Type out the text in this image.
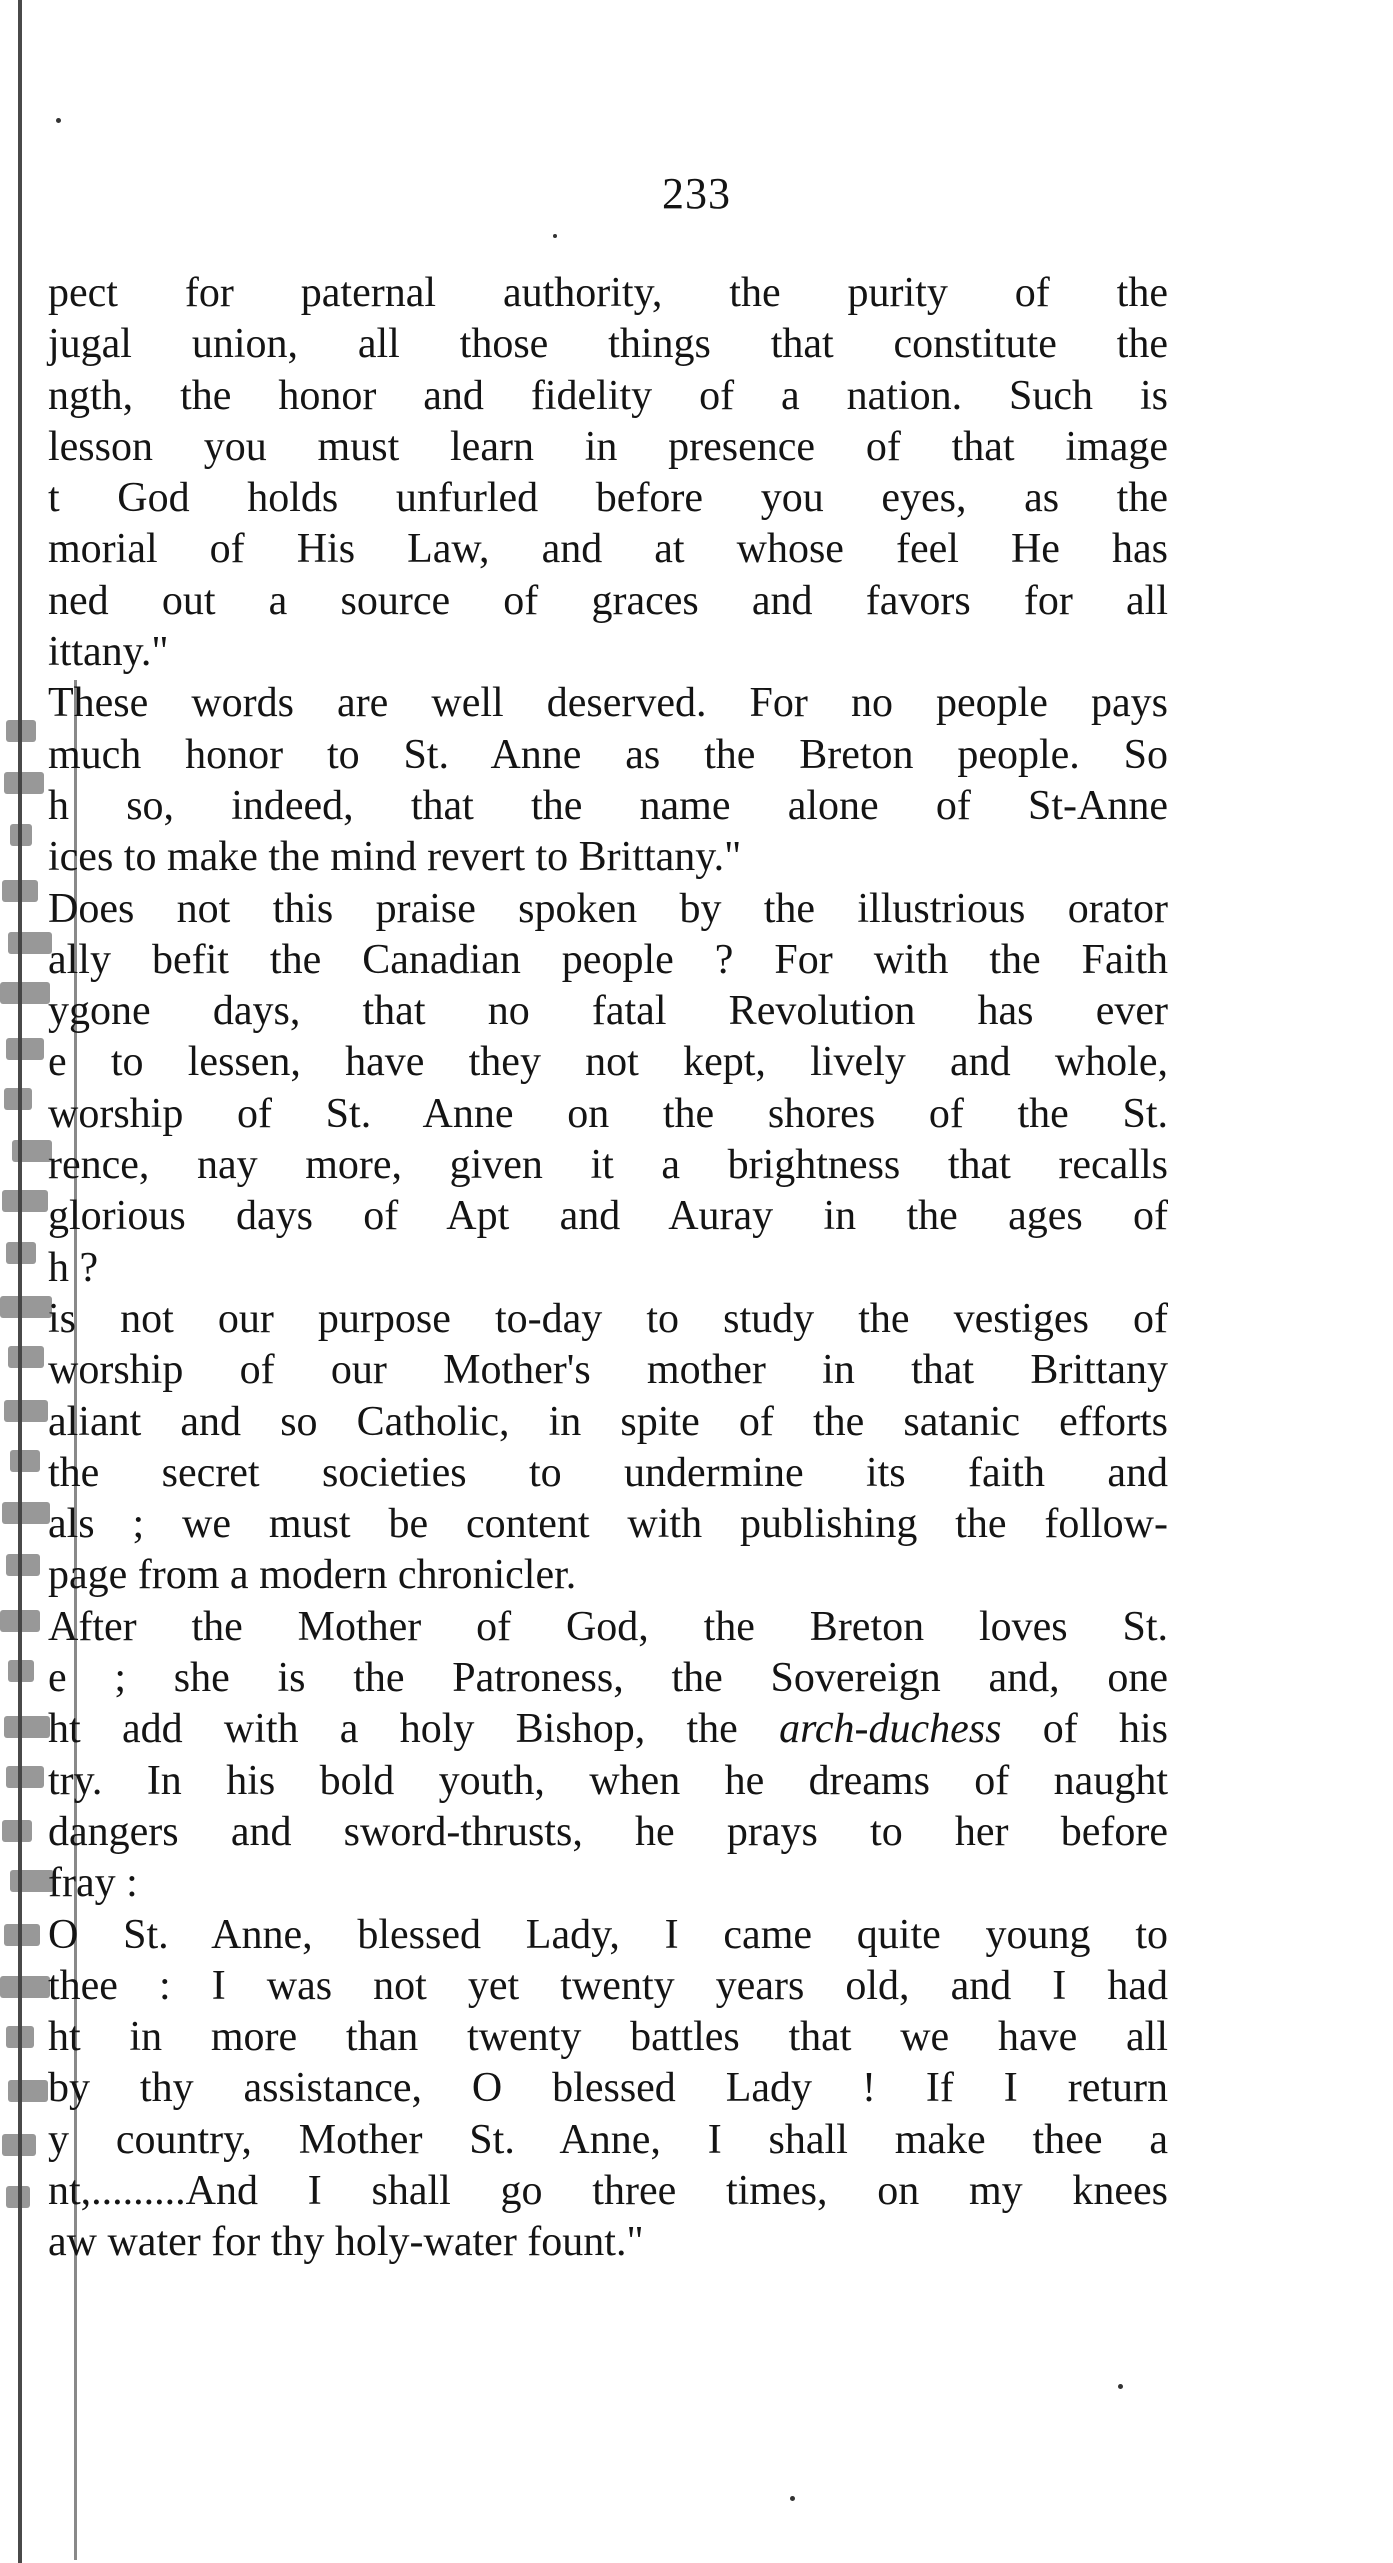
233
pect for paternal authority, the purity of the
jugal union, all those things that constitute the
ngth, the honor and fidelity of a nation. Such is
lesson you must learn in presence of that image
t God holds unfurled before you eyes, as the
morial of His Law, and at whose feel He has
ned out a source of graces and favors for all
ittany."
These words are well deserved. For no people pays
much honor to St. Anne as the Breton people. So
h so, indeed, that the name alone of St-Anne
ices to make the mind revert to Brittany."
Does not this praise spoken by the illustrious orator
ally befit the Canadian people ? For with the Faith
ygone days, that no fatal Revolution has ever
e to lessen, have they not kept, lively and whole,
worship of St. Anne on the shores of the St.
rence, nay more, given it a brightness that recalls
glorious days of Apt and Auray in the ages of
h ?
is not our purpose to-day to study the vestiges of
worship of our Mother's mother in that Brittany
aliant and so Catholic, in spite of the satanic efforts
the secret societies to undermine its faith and
als ; we must be content with publishing the follow-
page from a modern chronicler.
After the Mother of God, the Breton loves St.
e ; she is the Patroness, the Sovereign and, one
ht add with a holy Bishop, the arch-duchess of his
try. In his bold youth, when he dreams of naught
dangers and sword-thrusts, he prays to her before
fray :
O St. Anne, blessed Lady, I came quite young to
thee : I was not yet twenty years old, and I had
ht in more than twenty battles that we have all
by thy assistance, O blessed Lady ! If I return
y country, Mother St. Anne, I shall make thee a
nt,.........And I shall go three times, on my knees
aw water for thy holy-water fount."
